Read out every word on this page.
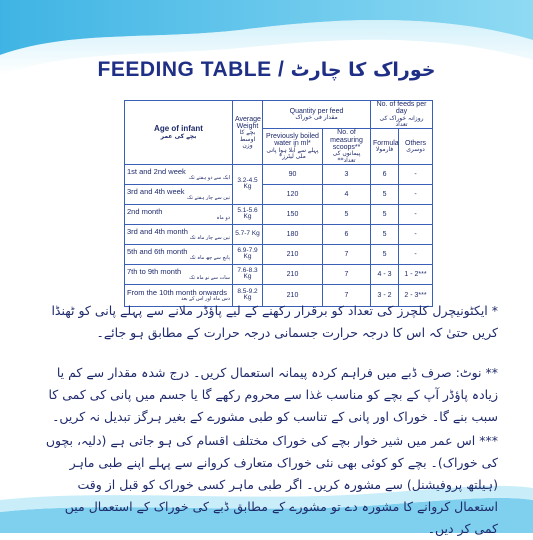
FEEDING TABLE / خوراک کا چارٹ
Age of infant
بچے کی عمر	Average Weight
بچے کا اوسط وزن	Quantity per feed
مقدار فی خوراک		No. of feeds per day
روزانہ خوراک کی تعداد	

		Previously boiled water in ml*
پہلے سے اُبلا ہوا پانی ملی لیٹرز*	No. of measuring scoops**
پیمانوں کی تعداد**	Formula
فارمولا	Others
دوسری

1st and 2nd week
ایک سے دو ہفتے تک	3.2-4.5 Kg	90	3	6	-
3rd and 4th week
تین سے چار ہفتے تک		120	4	5	-
2nd month
دو ماہ	5.1-5.6 Kg	150	5	5	-
3rd and 4th month
تین سے چار ماہ تک	5.7-7 Kg	180	6	5	-
5th and 6th month
پانچ سے چھ ماہ تک	6.9-7.9 Kg	210	7	5	-
7th to 9th month
سات سے نو ماہ تک	7.6-8.3 Kg	210	7	4 - 3	1 - 2***
From the 10th month onwards
دس ماہ اور اس کے بعد	8.5-9.2 Kg	210	7	3 - 2	2 - 3***
* ایکٹونیچرل کلچرز کی تعداد کو برقرار رکھنے کے لیے پاؤڈر ملانے سے پہلے پانی کو ٹھنڈا کریں حتیٰ کہ اس کا درجہ حرارت جسمانی درجہ حرارت کے مطابق ہو جائے۔
** نوٹ: صرف ڈبے میں فراہم کردہ پیمانہ استعمال کریں۔ درج شدہ مقدار سے کم یا زیادہ پاؤڈر آپ کے بچے کو مناسب غذا سے محروم رکھے گا یا جسم میں پانی کی کمی کا سبب بنے گا۔ خوراک اور پانی کے تناسب کو طبی مشورے کے بغیر ہرگز تبدیل نہ کریں۔
*** اس عمر میں شیر خوار بچے کی خوراک مختلف اقسام کی ہو جاتی ہے (دلیہ، بچوں کی خوراک)۔ بچے کو کوئی بھی نئی خوراک متعارف کروانے سے پہلے اپنے طبی ماہر (ہیلتھ پروفیشنل) سے مشورہ کریں۔ اگر طبی ماہر کسی خوراک کو قبل از وقت استعمال کروانے کا مشورہ دے تو مشورے کے مطابق ڈبے کی خوراک کے استعمال میں کمی کر دیں۔
